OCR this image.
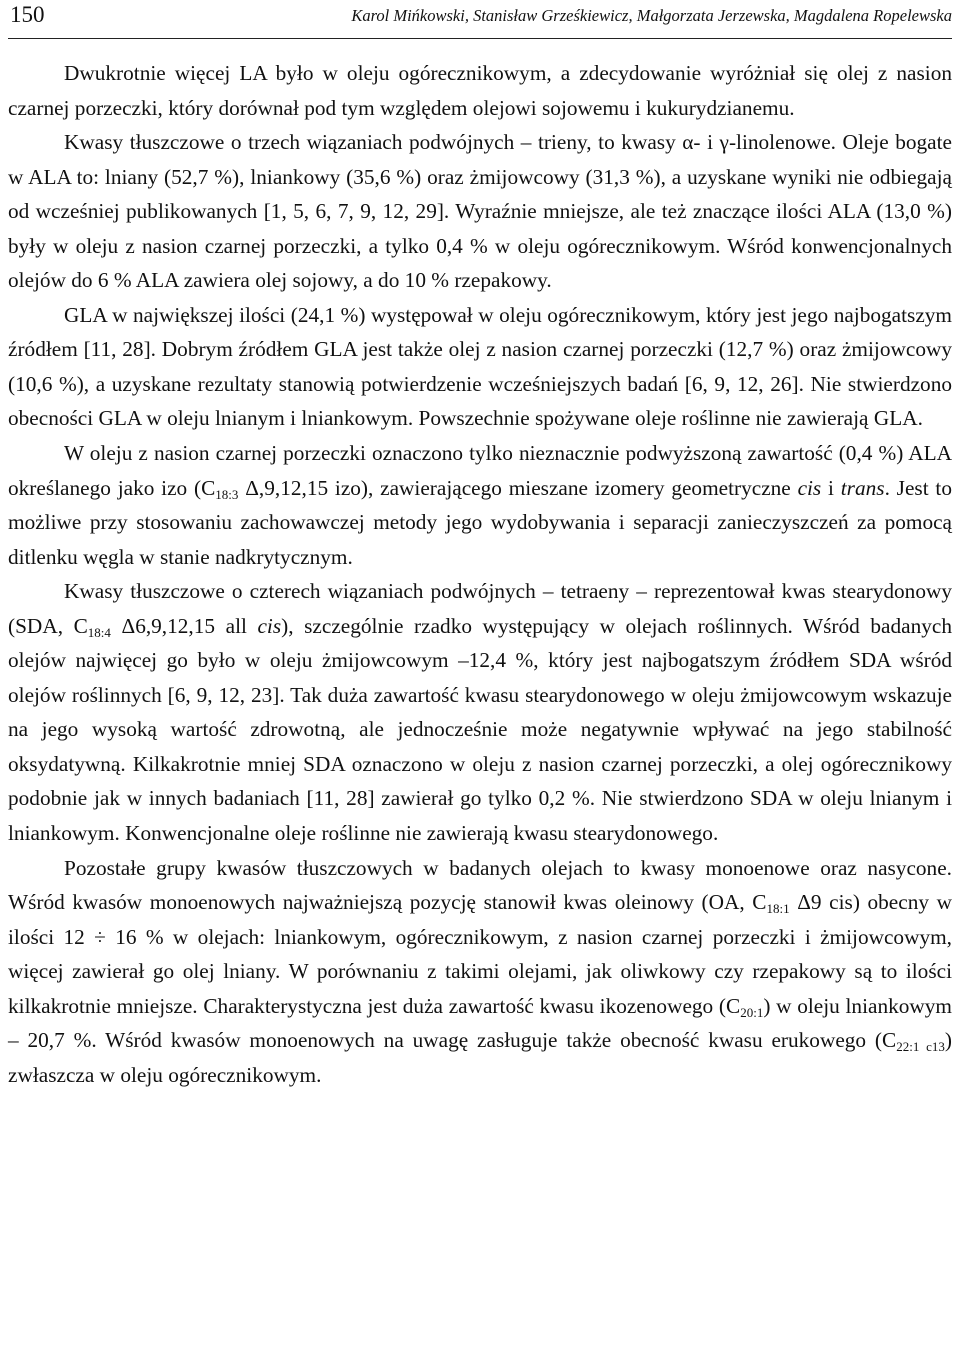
150	Karol Mińkowski, Stanisław Grześkiewicz, Małgorzata Jerzewska, Magdalena Ropelewska

Dwukrotnie więcej LA było w oleju ogórecznikowym, a zdecydowanie wyróżniał się olej z nasion czarnej porzeczki, który dorównał pod tym względem olejowi sojowemu i kukurydzianemu.

Kwasy tłuszczowe o trzech wiązaniach podwójnych – trieny, to kwasy α- i γ-linolenowe. Oleje bogate w ALA to: lniany (52,7 %), lniankowy (35,6 %) oraz żmijowcowy (31,3 %), a uzyskane wyniki nie odbiegają od wcześniej publikowanych [1, 5, 6, 7, 9, 12, 29]. Wyraźnie mniejsze, ale też znaczące ilości ALA (13,0 %) były w oleju z nasion czarnej porzeczki, a tylko 0,4 % w oleju ogórecznikowym. Wśród konwencjonalnych olejów do 6 % ALA zawiera olej sojowy, a do 10 % rzepakowy.

GLA w największej ilości (24,1 %) występował w oleju ogórecznikowym, który jest jego najbogatszym źródłem [11, 28]. Dobrym źródłem GLA jest także olej z nasion czarnej porzeczki (12,7 %) oraz żmijowcowy (10,6 %), a uzyskane rezultaty stanowią potwierdzenie wcześniejszych badań [6, 9, 12, 26]. Nie stwierdzono obecności GLA w oleju lnianym i lniankowym. Powszechnie spożywane oleje roślinne nie zawierają GLA.

W oleju z nasion czarnej porzeczki oznaczono tylko nieznacznie podwyższoną zawartość (0,4 %) ALA określanego jako izo ($C_{18:3}$ Δ,9,12,15 izo), zawierającego mieszane izomery geometryczne cis i trans. Jest to możliwe przy stosowaniu zachowawczej metody jego wydobywania i separacji zanieczyszczeń za pomocą ditlenku węgla w stanie nadkrytycznym.

Kwasy tłuszczowe o czterech wiązaniach podwójnych – tetraeny – reprezentował kwas stearydonowy (SDA, $C_{18:4}$ Δ6,9,12,15 all cis), szczególnie rzadko występujący w olejach roślinnych. Wśród badanych olejów najwięcej go było w oleju żmijowcowym –12,4 %, który jest najbogatszym źródłem SDA wśród olejów roślinnych [6, 9, 12, 23]. Tak duża zawartość kwasu stearydonowego w oleju żmijowcowym wskazuje na jego wysoką wartość zdrowotną, ale jednocześnie może negatywnie wpływać na jego stabilność oksydatywną. Kilkakrotnie mniej SDA oznaczono w oleju z nasion czarnej porzeczki, a olej ogórecznikowy podobnie jak w innych badaniach [11, 28] zawierał go tylko 0,2 %. Nie stwierdzono SDA w oleju lnianym i lniankowym. Konwencjonalne oleje roślinne nie zawierają kwasu stearydonowego.

Pozostałe grupy kwasów tłuszczowych w badanych olejach to kwasy monoenowe oraz nasycone. Wśród kwasów monoenowych najważniejszą pozycję stanowił kwas oleinowy (OA, $C_{18:1}$ Δ9 cis) obecny w ilości 12 ÷ 16 % w olejach: lniankowym, ogórecznikowym, z nasion czarnej porzeczki i żmijowcowym, więcej zawierał go olej lniany. W porównaniu z takimi olejami, jak oliwkowy czy rzepakowy są to ilości kilkakrotnie mniejsze. Charakterystyczna jest duża zawartość kwasu ikozenowego $(C_{20:1})$ w oleju lniankowym – 20,7 %. Wśród kwasów monoenowych na uwagę zasługuje także obecność kwasu erukowego $(C_{22:1 c13})$ zwłaszcza w oleju ogórecznikowym.
